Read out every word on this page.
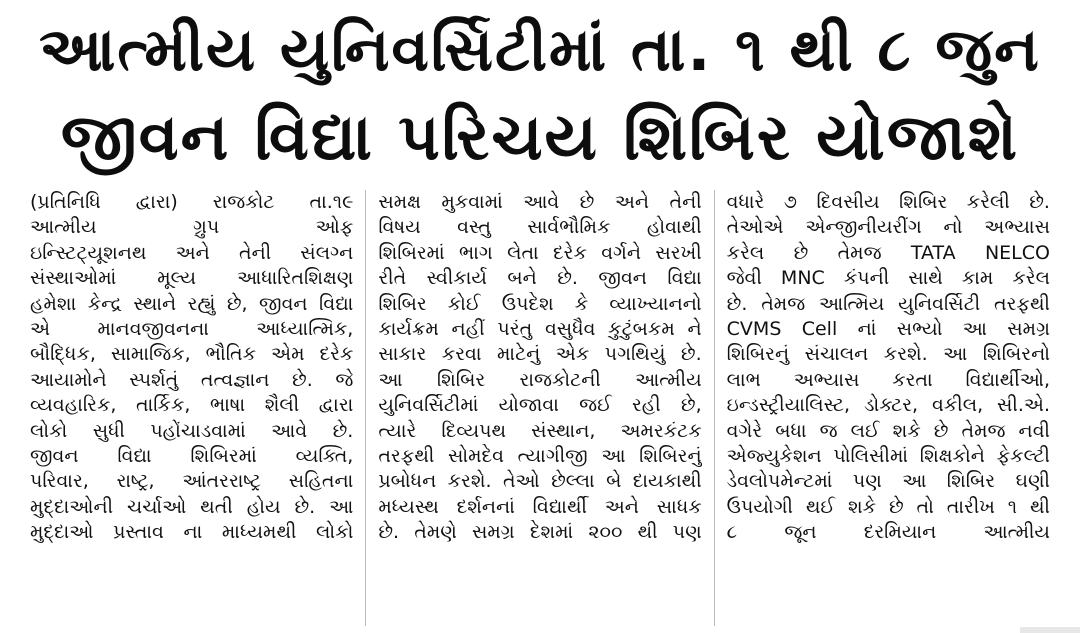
આત્મીય યુનિવર્સિટીમાં તા. ૧ થી ૮ જુન
જીવન વિદ્યા પરિચય શિબિર યોજાશે
(પ્રતિનિધિ દ્વારા) રાજકોટ તા.૧૯
આત્મીય ગ્રુપ ઓફ
ઇન્સ્ટિટ્યૂશનથ અને તેની સંલગ્ન
સંસ્થાઓમાં મૂલ્ય આધારિતશિક્ષણ
હમેશા કેન્દ્ર સ્થાને રહ્યું છે, જીવન વિદ્યા
એ માનવજીવનના આધ્યાત્મિક,
બૌદ્ધિક, સામાજિક, ભૌતિક એમ દરેક
આયામોને સ્પર્શતું તત્વજ્ઞાન છે. જે
વ્યવહારિક, તાર્કિક, ભાષા શૈલી દ્વારા
લોકો સુધી પહોંચાડવામાં આવે છે.
જીવન વિદ્યા શિબિરમાં વ્યક્તિ,
પરિવાર, રાષ્ટ્ર, આંતરરાષ્ટ્ર સહિતના
મુદ્દાઓની ચર્ચાઓ થતી હોય છે. આ
મુદ્દાઓ પ્રસ્તાવ ના માધ્યમથી લોકો
સમક્ષ મુકવામાં આવે છે અને તેની
વિષય વસ્તુ સાર્વભૌમિક હોવાથી
શિબિરમાં ભાગ લેતા દરેક વર્ગને સરખી
રીતે સ્વીકાર્ય બને છે. જીવન વિદ્યા
શિબિર કોઈ ઉપદેશ કે વ્યાખ્યાનનો
કાર્યક્રમ નહીં પરંતુ વસુધૈવ કુટુંબકમ ને
સાકાર કરવા માટેનું એક પગથિયું છે.
આ શિબિર રાજકોટની આત્મીય
યુનિવર્સિટીમાં યોજાવા જઈ રહી છે,
ત્યારે દિવ્યપથ સંસ્થાન, અમરકંટક
તરફથી સોમદેવ ત્યાગીજી આ શિબિરનું
પ્રબોધન કરશે. તેઓ છેલ્લા બે દાયકાથી
મધ્યસ્થ દર્શનનાં વિદ્યાર્થી અને સાધક
છે. તેમણે સમગ્ર દેશમાં ૨૦૦ થી પણ
વધારે ૭ દિવસીય શિબિર કરેલી છે.
તેઓએ એન્જીનીયરીંગ નો અભ્યાસ
કરેલ છે તેમજ TATA NELCO
જેવી MNC કંપની સાથે કામ કરેલ
છે. તેમજ આત્મિય યુનિવર્સિટી તરફથી
CVMS Cell નાં સભ્યો આ સમગ્ર
શિબિરનું સંચાલન કરશે. આ શિબિરનો
લાભ અભ્યાસ કરતા વિદ્યાર્થીઓ,
ઇન્ડસ્ટ્રીયાલિસ્ટ, ડોક્ટર, વકીલ, સી.એ.
વગેરે બધા જ લઈ શકે છે તેમજ નવી
એજ્યુકેશન પોલિસીમાં શિક્ષકોને ફેકલ્ટી
ડેવલોપમેન્ટમાં પણ આ શિબિર ઘણી
ઉપયોગી થઈ શકે છે તો તારીખ ૧ થી
૮ જૂન દરમિયાન આત્મીય
